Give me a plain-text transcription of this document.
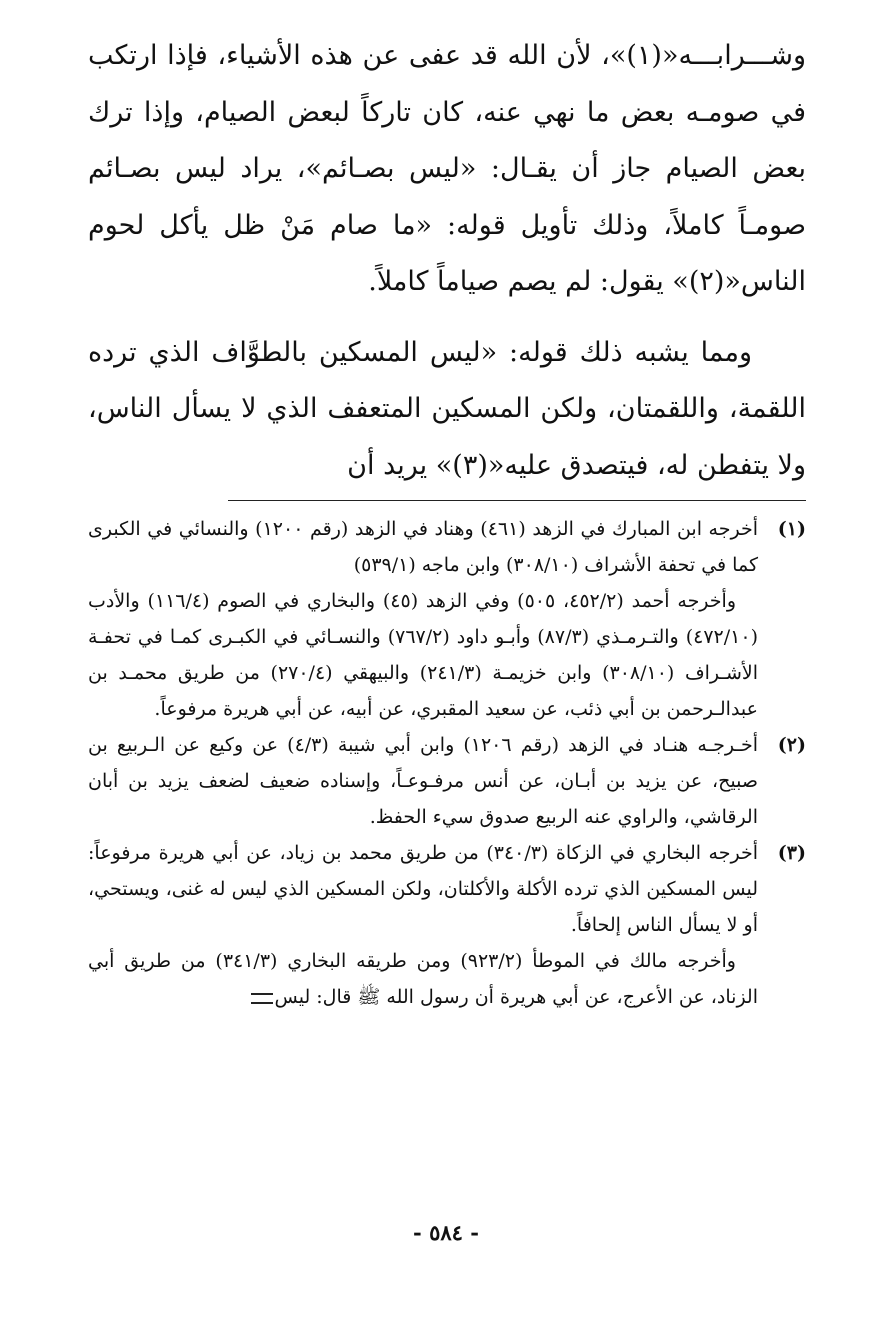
وشـــرابـــه«(١)»، لأن الله قد عفى عن هذه الأشياء، فإذا ارتكب في صومـه بعض ما نهي عنه، كان تاركاً لبعض الصيام، وإذا ترك بعض الصيام جاز أن يقـال: «ليس بصـائم»، يراد ليس بصـائم صومـاً كاملاً، وذلك تأويل قوله: «ما صام مَنْ ظل يأكل لحوم الناس«(٢)» يقول: لم يصم صياماً كاملاً.

ومما يشبه ذلك قوله: «ليس المسكين بالطوَّاف الذي ترده اللقمة، واللقمتان، ولكن المسكين المتعفف الذي لا يسأل الناس، ولا يتفطن له، فيتصدق عليه«(٣)» يريد أن

(١)

أخرجه ابن المبارك في الزهد (٤٦١) وهناد في الزهد (رقم ١٢٠٠) والنسائي في الكبرى كما في تحفة الأشراف (٣٠٨/١٠) وابن ماجه (٥٣٩/١)

وأخرجه أحمد (٤٥٢/٢، ٥٠٥) وفي الزهد (٤٥) والبخاري في الصوم (١١٦/٤) والأدب (٤٧٢/١٠) والتـرمـذي (٨٧/٣) وأبـو داود (٧٦٧/٢) والنسـائي في الكبـرى كمـا في تحفـة الأشـراف (٣٠٨/١٠) وابن خزيمـة (٢٤١/٣) والبيهقي (٢٧٠/٤) من طريق محمـد بن عبدالـرحمن بن أبي ذئب، عن سعيد المقبري، عن أبيه، عن أبي هريرة مرفوعاً.

(٢)

أخـرجـه هنـاد في الزهد (رقم ١٢٠٦) وابن أبي شيبة (٤/٣) عن وكيع عن الـربيع بن صبيح، عن يزيد بن أبـان، عن أنس مرفـوعـاً، وإسناده ضعيف لضعف يزيد بن أبان الرقاشي، والراوي عنه الربيع صدوق سيء الحفظ.

(٣)

أخرجه البخاري في الزكاة (٣٤٠/٣) من طريق محمد بن زياد، عن أبي هريرة مرفوعاً: ليس المسكين الذي ترده الأكلة والأكلتان، ولكن المسكين الذي ليس له غنى، ويستحي، أو لا يسأل الناس إلحافاً.

وأخرجه مالك في الموطأ (٩٢٣/٢) ومن طريقه البخاري (٣٤١/٣) من طريق أبي الزناد، عن الأعرج، عن أبي هريرة أن رسول الله ﷺ قال: ليس

- ٥٨٤ -
